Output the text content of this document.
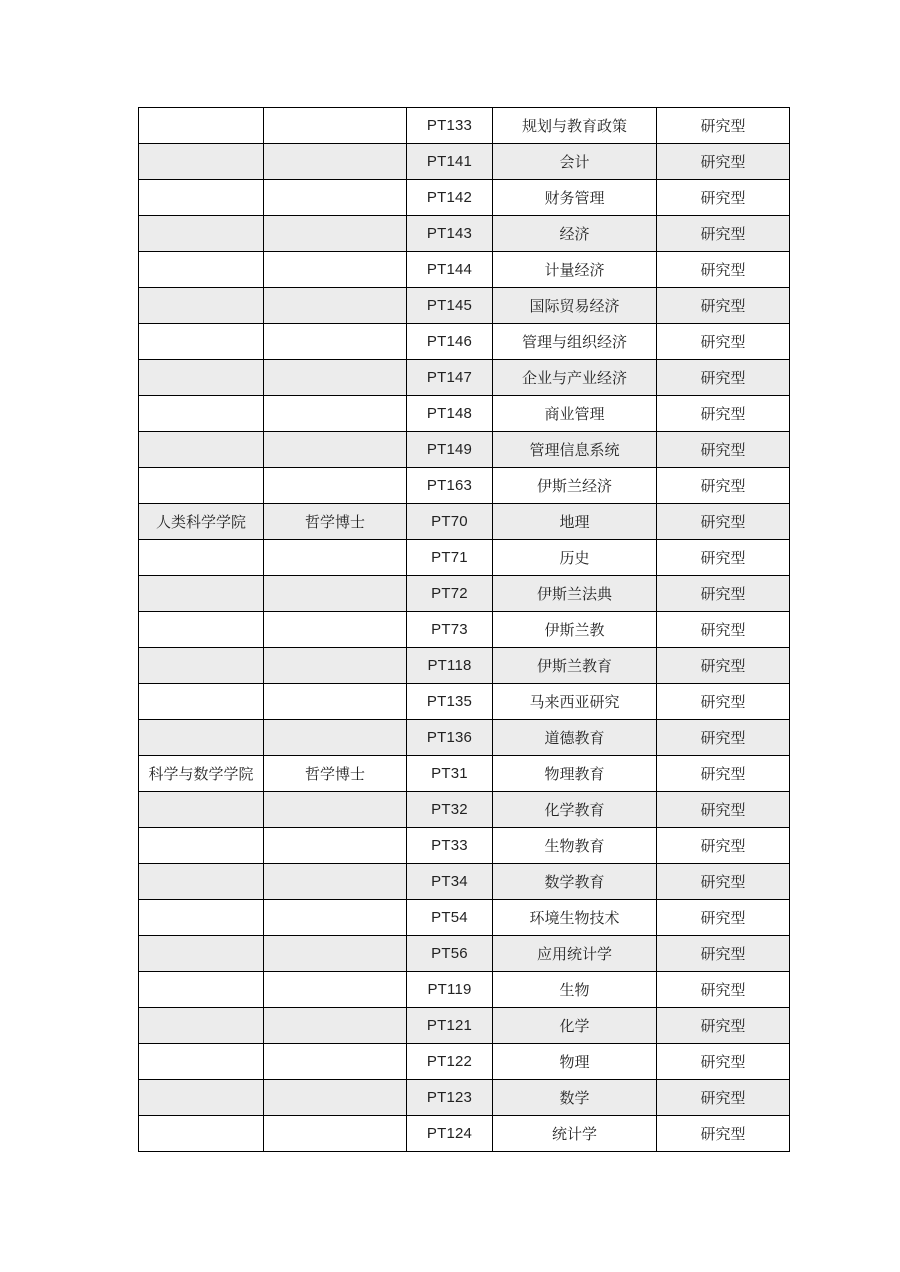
		PT133	规划与教育政策	研究型
		PT141	会计	研究型
		PT142	财务管理	研究型
		PT143	经济	研究型
		PT144	计量经济	研究型
		PT145	国际贸易经济	研究型
		PT146	管理与组织经济	研究型
		PT147	企业与产业经济	研究型
		PT148	商业管理	研究型
		PT149	管理信息系统	研究型
		PT163	伊斯兰经济	研究型
人类科学学院	哲学博士	PT70	地理	研究型
		PT71	历史	研究型
		PT72	伊斯兰法典	研究型
		PT73	伊斯兰教	研究型
		PT118	伊斯兰教育	研究型
		PT135	马来西亚研究	研究型
		PT136	道德教育	研究型
科学与数学学院	哲学博士	PT31	物理教育	研究型
		PT32	化学教育	研究型
		PT33	生物教育	研究型
		PT34	数学教育	研究型
		PT54	环境生物技术	研究型
		PT56	应用统计学	研究型
		PT119	生物	研究型
		PT121	化学	研究型
		PT122	物理	研究型
		PT123	数学	研究型
		PT124	统计学	研究型
